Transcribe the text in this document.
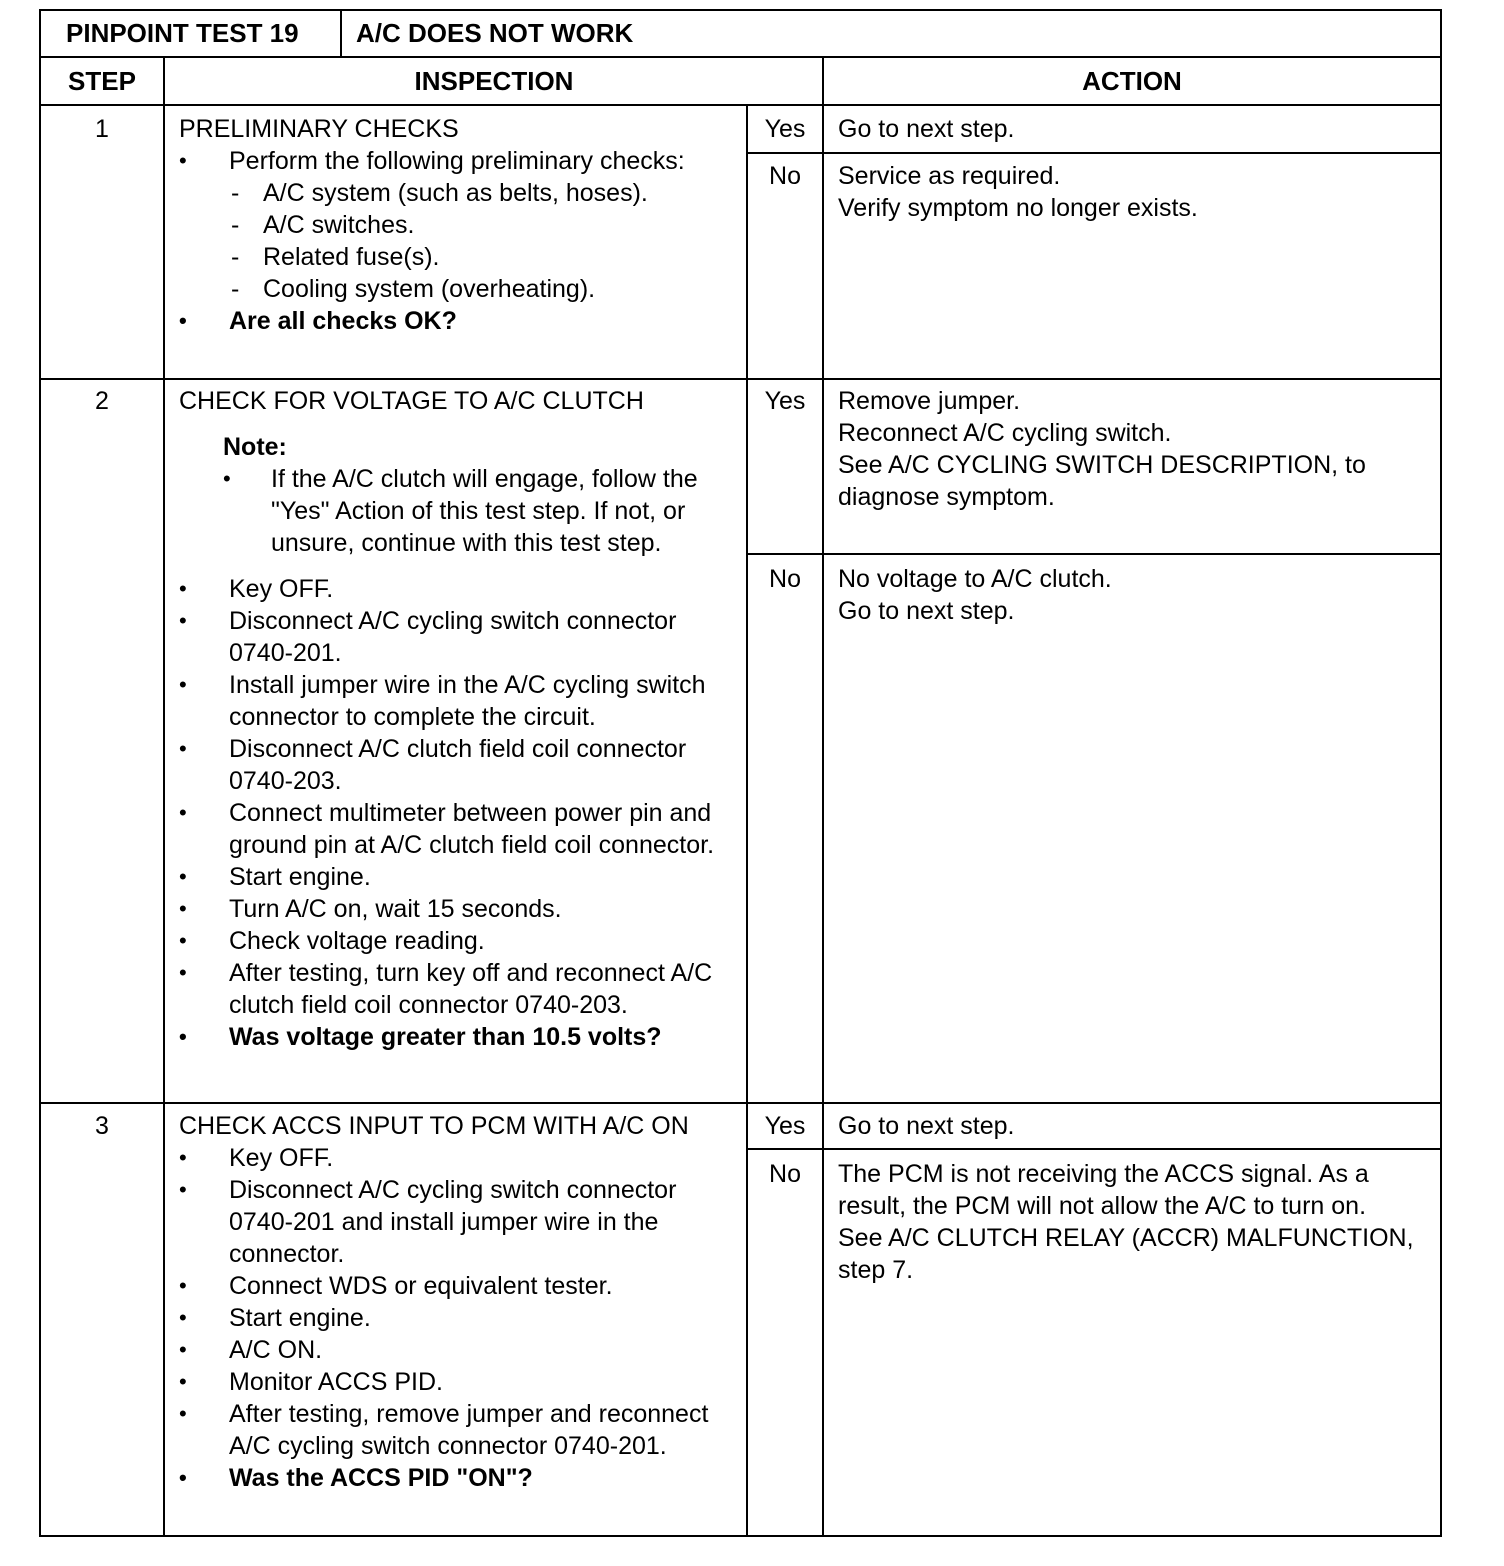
PINPOINT TEST 19 A/C DOES NOT WORK
STEP	INSPECTION	ACTION
1	PRELIMINARY CHECKS
• Perform the following preliminary checks:
- A/C system (such as belts, hoses).
- A/C switches.
- Related fuse(s).
- Cooling system (overheating).
• Are all checks OK?
Yes	Go to next step.
No	Service as required.
Verify symptom no longer exists.
2	CHECK FOR VOLTAGE TO A/C CLUTCH
Note:
• If the A/C clutch will engage, follow the "Yes" Action of this test step. If not, or unsure, continue with this test step.
• Key OFF.
• Disconnect A/C cycling switch connector 0740-201.
• Install jumper wire in the A/C cycling switch connector to complete the circuit.
• Disconnect A/C clutch field coil connector 0740-203.
• Connect multimeter between power pin and ground pin at A/C clutch field coil connector.
• Start engine.
• Turn A/C on, wait 15 seconds.
• Check voltage reading.
• After testing, turn key off and reconnect A/C clutch field coil connector 0740-203.
• Was voltage greater than 10.5 volts?
Yes	Remove jumper.
Reconnect A/C cycling switch.
See A/C CYCLING SWITCH DESCRIPTION, to diagnose symptom.
No	No voltage to A/C clutch.
Go to next step.
3	CHECK ACCS INPUT TO PCM WITH A/C ON
• Key OFF.
• Disconnect A/C cycling switch connector 0740-201 and install jumper wire in the connector.
• Connect WDS or equivalent tester.
• Start engine.
• A/C ON.
• Monitor ACCS PID.
• After testing, remove jumper and reconnect A/C cycling switch connector 0740-201.
• Was the ACCS PID "ON"?
Yes	Go to next step.
No	The PCM is not receiving the ACCS signal. As a result, the PCM will not allow the A/C to turn on.
See A/C CLUTCH RELAY (ACCR) MALFUNCTION, step 7.
